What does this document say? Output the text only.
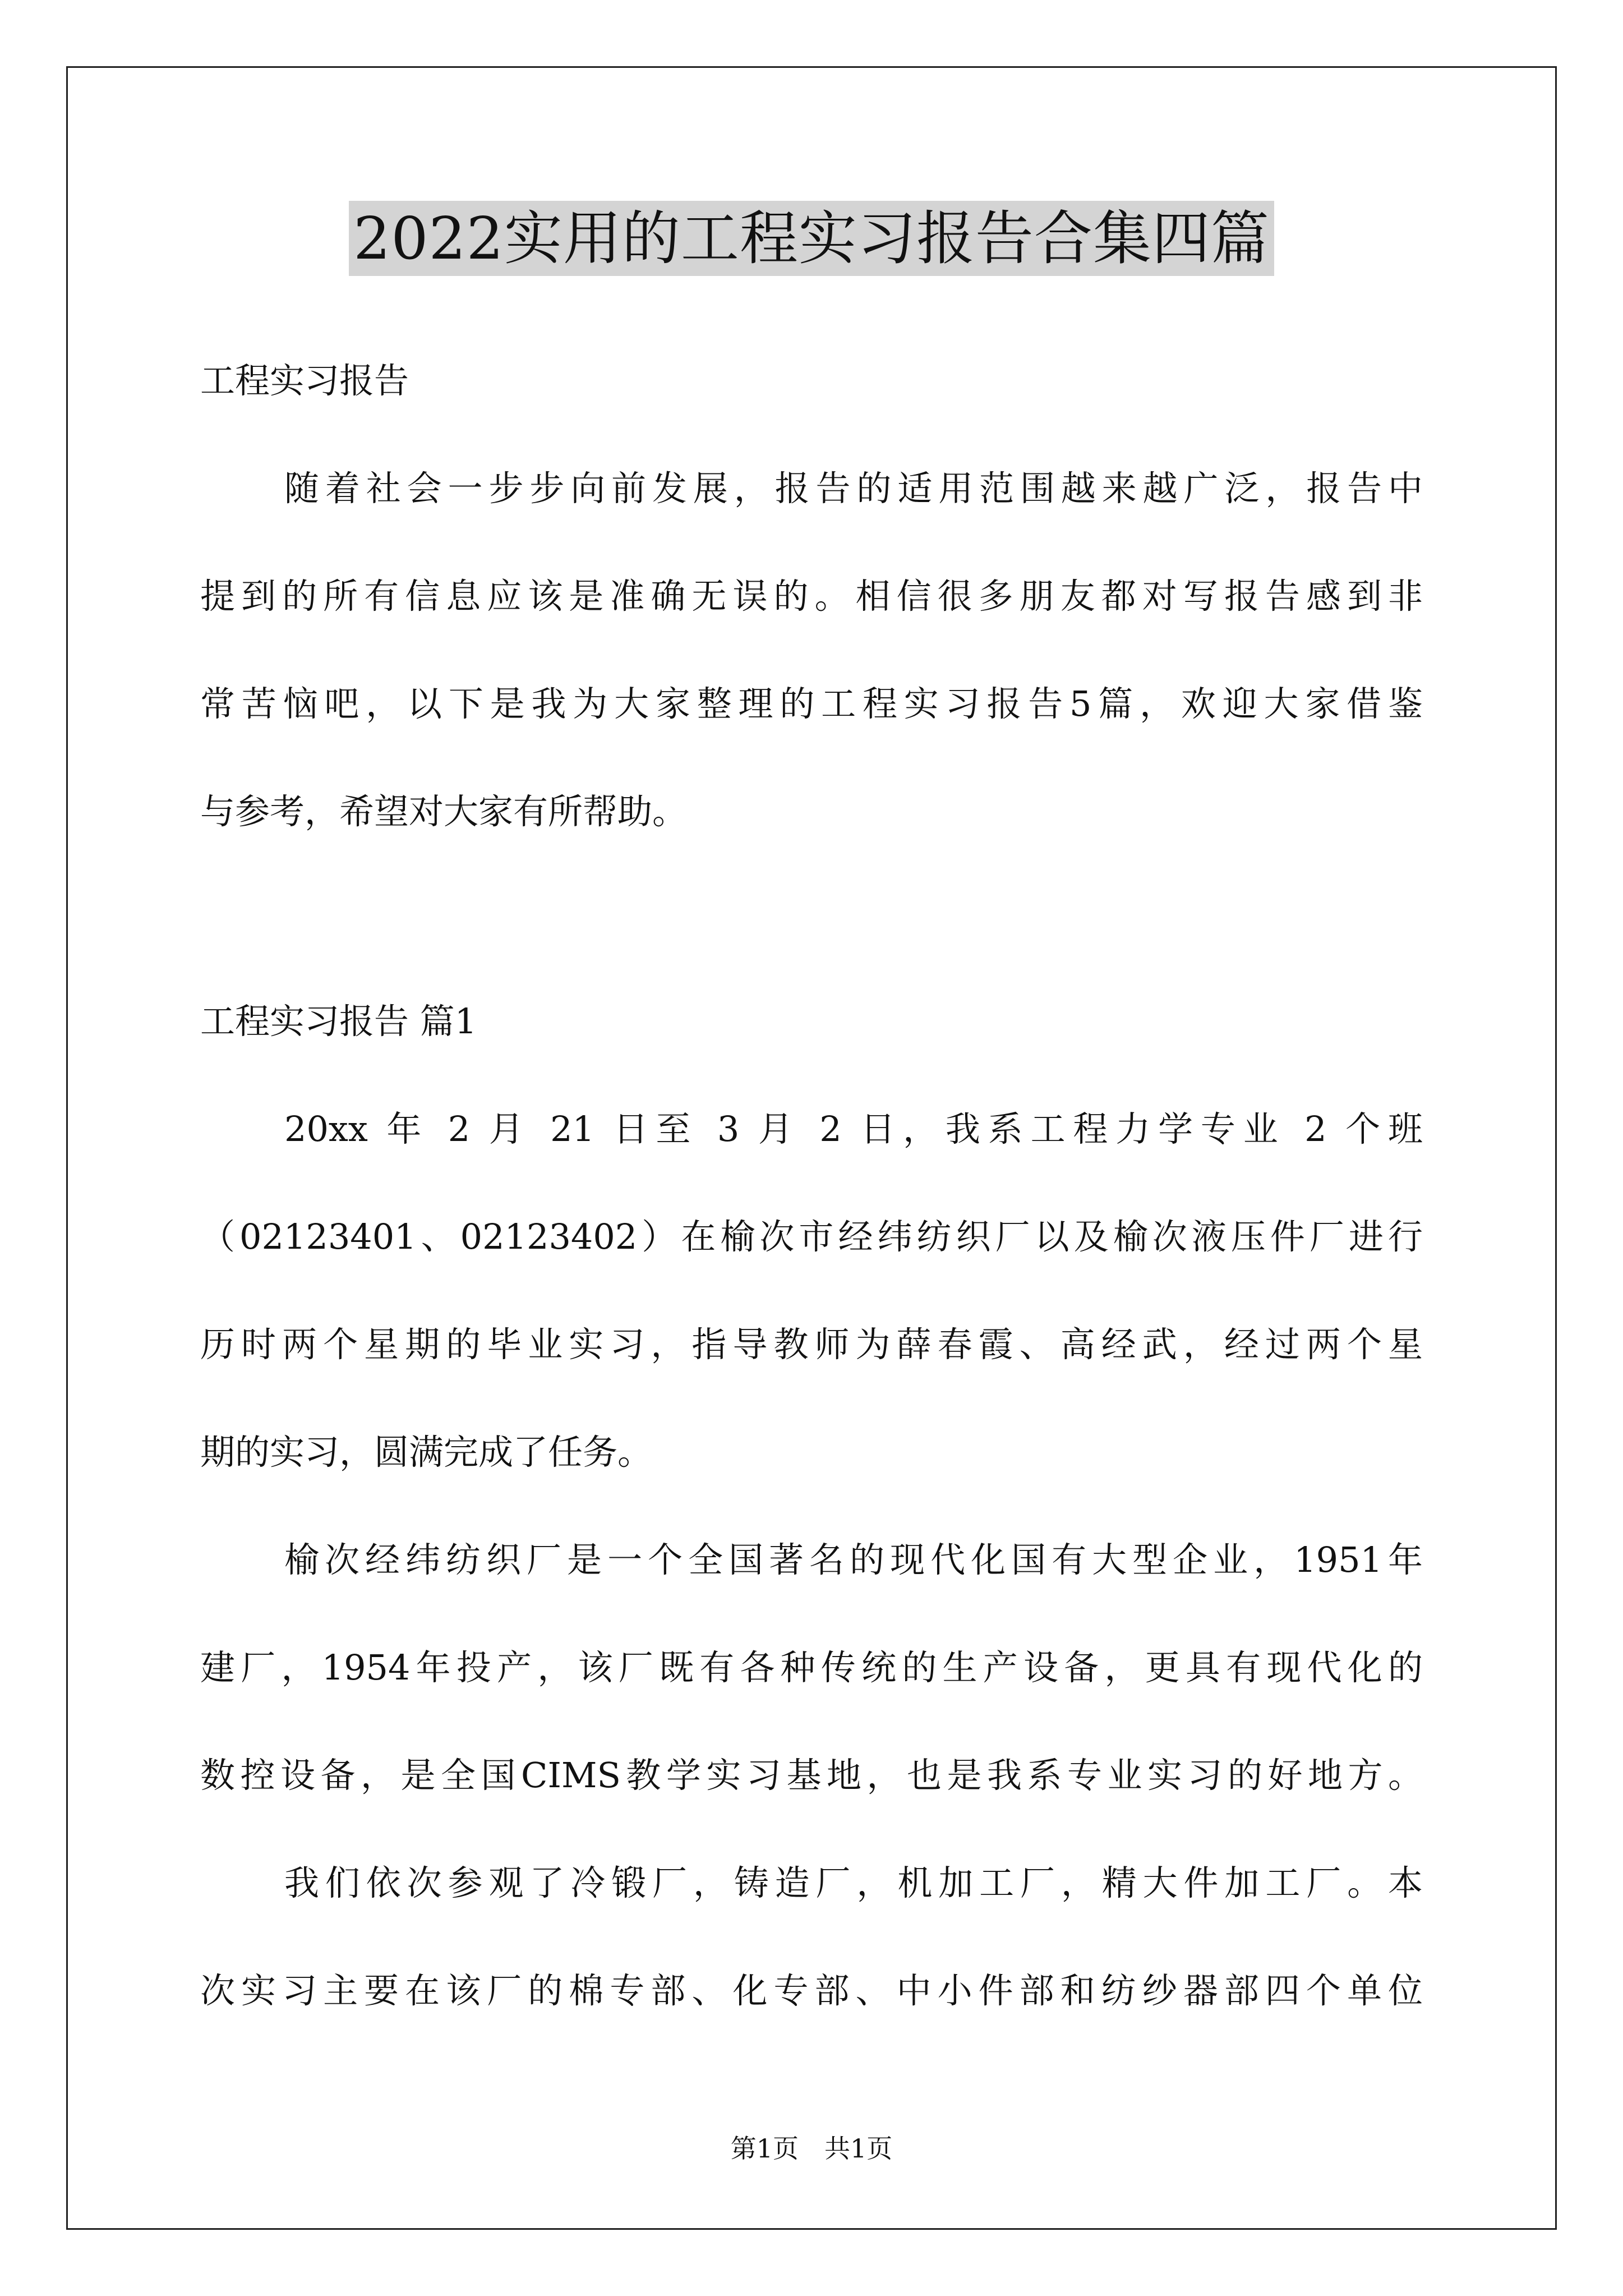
2022实用的工程实习报告合集四篇
工程实习报告
随着社会一步步向前发展，报告的适用范围越来越广泛，报告中
提到的所有信息应该是准确无误的。相信很多朋友都对写报告感到非
常苦恼吧，以下是我为大家整理的工程实习报告5篇，欢迎大家借鉴
与参考，希望对大家有所帮助。
工程实习报告 篇1
20xx 年 2 月 21 日至 3 月 2 日，我系工程力学专业 2 个班
（02123401、02123402）在榆次市经纬纺织厂以及榆次液压件厂进行
历时两个星期的毕业实习，指导教师为薛春霞、高经武，经过两个星
期的实习，圆满完成了任务。
榆次经纬纺织厂是一个全国著名的现代化国有大型企业，1951年
建厂，1954年投产，该厂既有各种传统的生产设备，更具有现代化的
数控设备，是全国CIMS教学实习基地，也是我系专业实习的好地方。
我们依次参观了冷锻厂，铸造厂，机加工厂，精大件加工厂。本
次实习主要在该厂的棉专部、化专部、中小件部和纺纱器部四个单位
第1页　共1页
